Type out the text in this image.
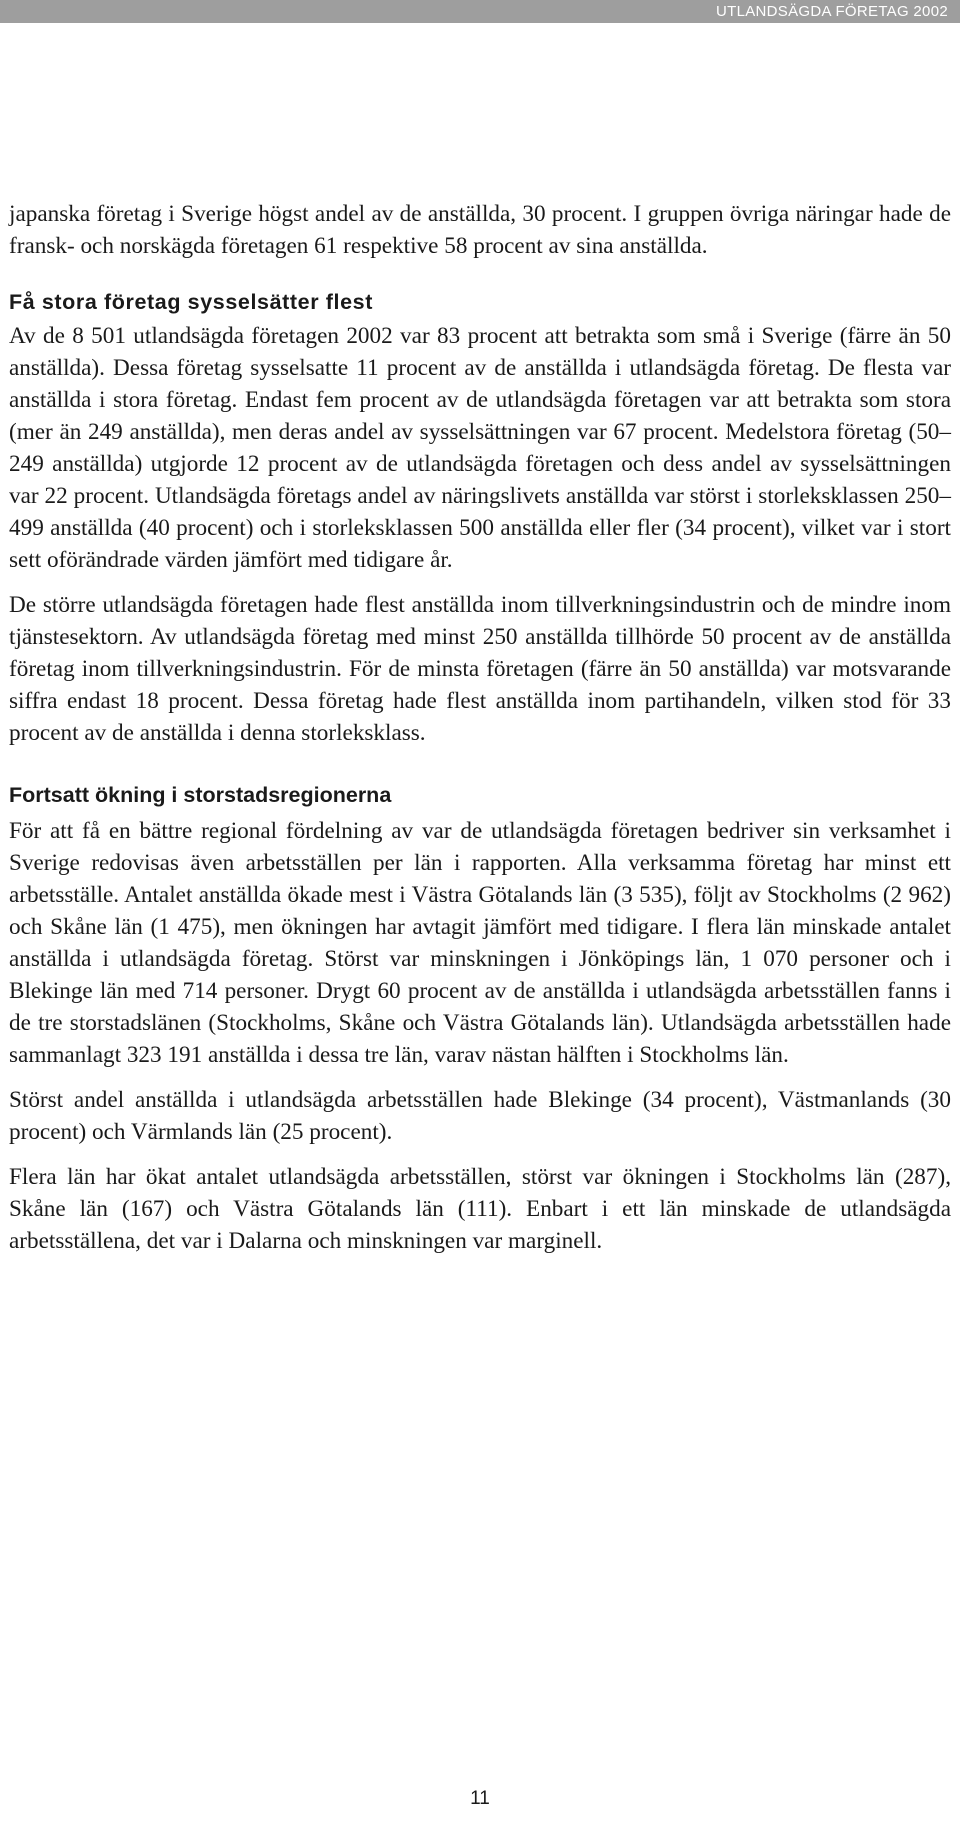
UTLANDSÄGDA FÖRETAG 2002

japanska företag i Sverige högst andel av de anställda, 30 procent. I gruppen övriga näringar hade de fransk- och norskägda företagen 61 respektive 58 procent av sina anställda.

Få stora företag sysselsätter flest

Av de 8 501 utlandsägda företagen 2002 var 83 procent att betrakta som små i Sverige (färre än 50 anställda). Dessa företag sysselsatte 11 procent av de anställda i utlandsägda företag. De flesta var anställda i stora företag. Endast fem procent av de utlandsägda företagen var att betrakta som stora (mer än 249 anställda), men deras andel av sysselsättningen var 67 procent. Medelstora företag (50–249 anställda) utgjorde 12 procent av de utlandsägda företagen och dess andel av sysselsättningen var 22 procent. Utlandsägda företags andel av näringslivets anställda var störst i storleksklassen 250–499 anställda (40 procent) och i storleksklassen 500 anställda eller fler (34 procent), vilket var i stort sett oförändrade värden jämfört med tidigare år.

De större utlandsägda företagen hade flest anställda inom tillverkningsindustrin och de mindre inom tjänstesektorn. Av utlandsägda företag med minst 250 anställda tillhörde 50 procent av de anställda företag inom tillverkningsindustrin. För de minsta företagen (färre än 50 anställda) var motsvarande siffra endast 18 procent. Dessa företag hade flest anställda inom partihandeln, vilken stod för 33 procent av de anställda i denna storleksklass.

Fortsatt ökning i storstadsregionerna

För att få en bättre regional fördelning av var de utlandsägda företagen bedriver sin verksamhet i Sverige redovisas även arbetsställen per län i rapporten. Alla verksamma företag har minst ett arbetsställe. Antalet anställda ökade mest i Västra Götalands län (3 535), följt av Stockholms (2 962) och Skåne län (1 475), men ökningen har avtagit jämfört med tidigare. I flera län minskade antalet anställda i utlandsägda företag. Störst var minskningen i Jönköpings län, 1 070 personer och i Blekinge län med 714 personer. Drygt 60 procent av de anställda i utlandsägda arbetsställen fanns i de tre storstadslänen (Stockholms, Skåne och Västra Götalands län). Utlandsägda arbetsställen hade sammanlagt 323 191 anställda i dessa tre län, varav nästan hälften i Stockholms län.

Störst andel anställda i utlandsägda arbetsställen hade Blekinge (34 procent), Västmanlands (30 procent) och Värmlands län (25 procent).

Flera län har ökat antalet utlandsägda arbetsställen, störst var ökningen i Stockholms län (287), Skåne län (167) och Västra Götalands län (111). Enbart i ett län minskade de utlandsägda arbetsställena, det var i Dalarna och minskningen var marginell.

11
